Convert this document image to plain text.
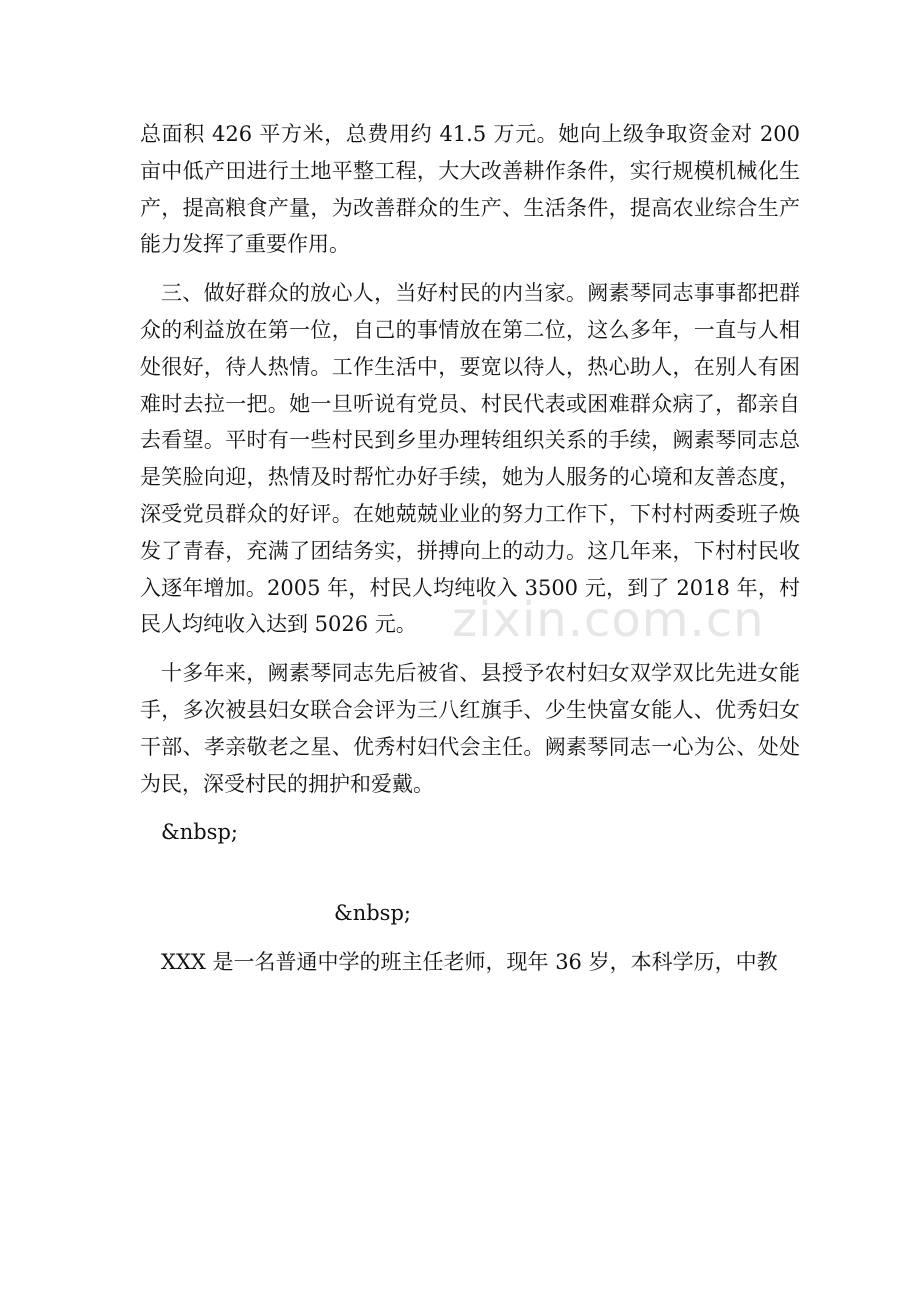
zixin.com.cn

总面积 426 平方米，总费用约 41.5 万元。她向上级争取资金对 200 亩中低产田进行土地平整工程，大大改善耕作条件，实行规模机械化生产，提高粮食产量，为改善群众的生产、生活条件，提高农业综合生产能力发挥了重要作用。

三、做好群众的放心人，当好村民的内当家。阙素琴同志事事都把群众的利益放在第一位，自己的事情放在第二位，这么多年，一直与人相处很好，待人热情。工作生活中，要宽以待人，热心助人，在别人有困难时去拉一把。她一旦听说有党员、村民代表或困难群众病了，都亲自去看望。平时有一些村民到乡里办理转组织关系的手续，阙素琴同志总是笑脸向迎，热情及时帮忙办好手续，她为人服务的心境和友善态度，深受党员群众的好评。在她兢兢业业的努力工作下，下村村两委班子焕发了青春，充满了团结务实，拼搏向上的动力。这几年来，下村村民收入逐年增加。2005 年，村民人均纯收入 3500 元，到了 2018 年，村民人均纯收入达到 5026 元。

十多年来，阙素琴同志先后被省、县授予农村妇女双学双比先进女能手，多次被县妇女联合会评为三八红旗手、少生快富女能人、优秀妇女干部、孝亲敬老之星、优秀村妇代会主任。阙素琴同志一心为公、处处为民，深受村民的拥护和爱戴。

&nbsp;

&nbsp;

XXX 是一名普通中学的班主任老师，现年 36 岁，本科学历，中教
